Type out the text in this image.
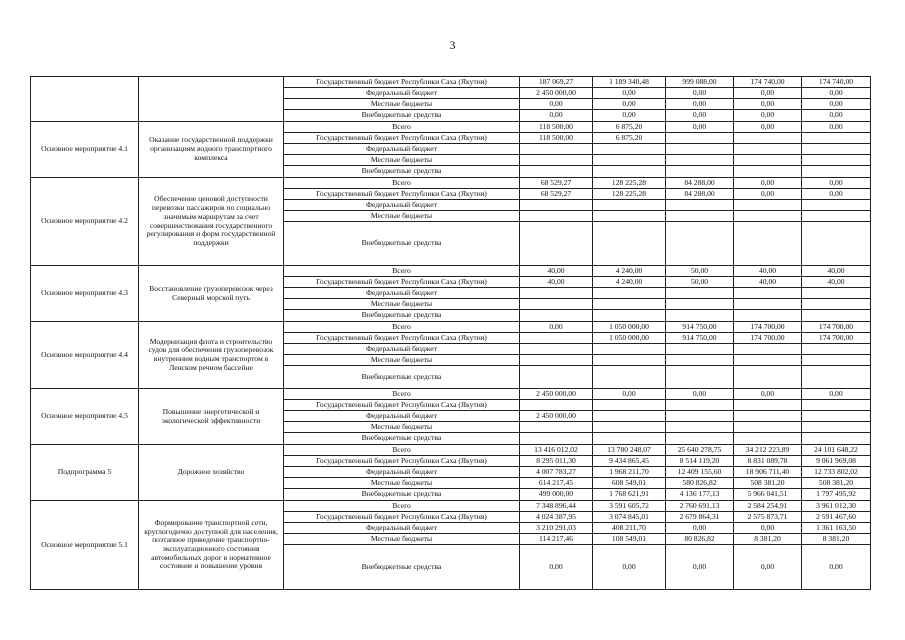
3
		Государственный бюджет Республики Саха (Якутия)	187 069,27	1 189 340,48	999 088,00	174 740,00	174 740,00
		Федеральный бюджет	2 450 000,00	0,00	0,00	0,00	0,00
		Местные бюджеты	0,00	0,00	0,00	0,00	0,00
		Внебюджетные средства	0,00	0,00	0,00	0,00	0,00
Основное мероприятие 4.1	Оказание государственной поддержки организациям водного транспортного комплекса	Всего	118 500,00	6 875,20	0,00	0,00	0,00
		Государственный бюджет Республики Саха (Якутия)	118 500,00	6 875,20			
		Федеральный бюджет					
		Местные бюджеты					
		Внебюджетные средства					
Основное мероприятие 4.2	Обеспечение ценовой доступности перевозки пассажиров по социально значимым маршрутам за счет совершенствования государственного регулирования и форм государственной поддержки	Всего	68 529,27	128 225,28	84 288,00	0,00	0,00
		Государственный бюджет Республики Саха (Якутия)	68 529,27	128 225,28	84 288,00	0,00	0,00
		Федеральный бюджет					
		Местные бюджеты					
		Внебюджетные средства					
Основное мероприятие 4.3	Восстановление грузоперевозок через Северный морской путь	Всего	40,00	4 240,00	50,00	40,00	40,00
		Государственный бюджет Республики Саха (Якутия)	40,00	4 240,00	50,00	40,00	40,00
		Федеральный бюджет					
		Местные бюджеты					
		Внебюджетные средства					
Основное мероприятие 4.4	Модернизация флота и строительство судов для обеспечения грузоперевозок внутренним водным транспортом в Ленском речном бассейне	Всего	0,00	1 050 000,00	914 750,00	174 700,00	174 700,00
		Государственный бюджет Республики Саха (Якутия)		1 050 000,00	914 750,00	174 700,00	174 700,00
		Федеральный бюджет					
		Местные бюджеты					
		Внебюджетные средства					
Основное мероприятие 4.5	Повышение энергетической и экологической эффективности	Всего	2 450 000,00	0,00	0,00	0,00	0,00
		Государственный бюджет Республики Саха (Якутия)					
		Федеральный бюджет	2 450 000,00				
		Местные бюджеты					
		Внебюджетные средства					
Подпрограмма 5	Дорожное хозяйство	Всего	13 416 012,02	13 780 248,07	25 640 278,75	34 212 223,89	24 101 648,22
		Государственный бюджет Республики Саха (Якутия)	8 295 011,30	9 434 865,45	8 514 119,20	8 831 089,78	9 061 969,08
		Федеральный бюджет	4 007 783,27	1 968 211,70	12 409 155,60	18 906 711,40	12 733 802,02
		Местные бюджеты	614 217,45	608 549,01	580 826,82	508 381,20	508 381,20
		Внебюджетные средства	499 000,00	1 768 621,91	4 136 177,13	5 966 041,51	1 797 495,92
Основное мероприятие 5.1	Формирование транспортной сети, круглогодично доступной для населения, поэтапное приведение транспортно-эксплуатационного состояния автомобильных дорог в нормативное состояние и повышение уровня	Всего	7 348 896,44	3 591 605,72	2 760 691,13	2 584 254,91	3 961 012,30
		Государственный бюджет Республики Саха (Якутия)	4 024 387,95	3 074 845,01	2 679 864,31	2 575 873,71	2 591 467,60
		Федеральный бюджет	3 210 291,03	408 211,70	0,00	0,00	1 361 163,50
		Местные бюджеты	114 217,46	108 549,01	80 826,82	8 381,20	8 381,20
		Внебюджетные средства	0,00	0,00	0,00	0,00	0,00
